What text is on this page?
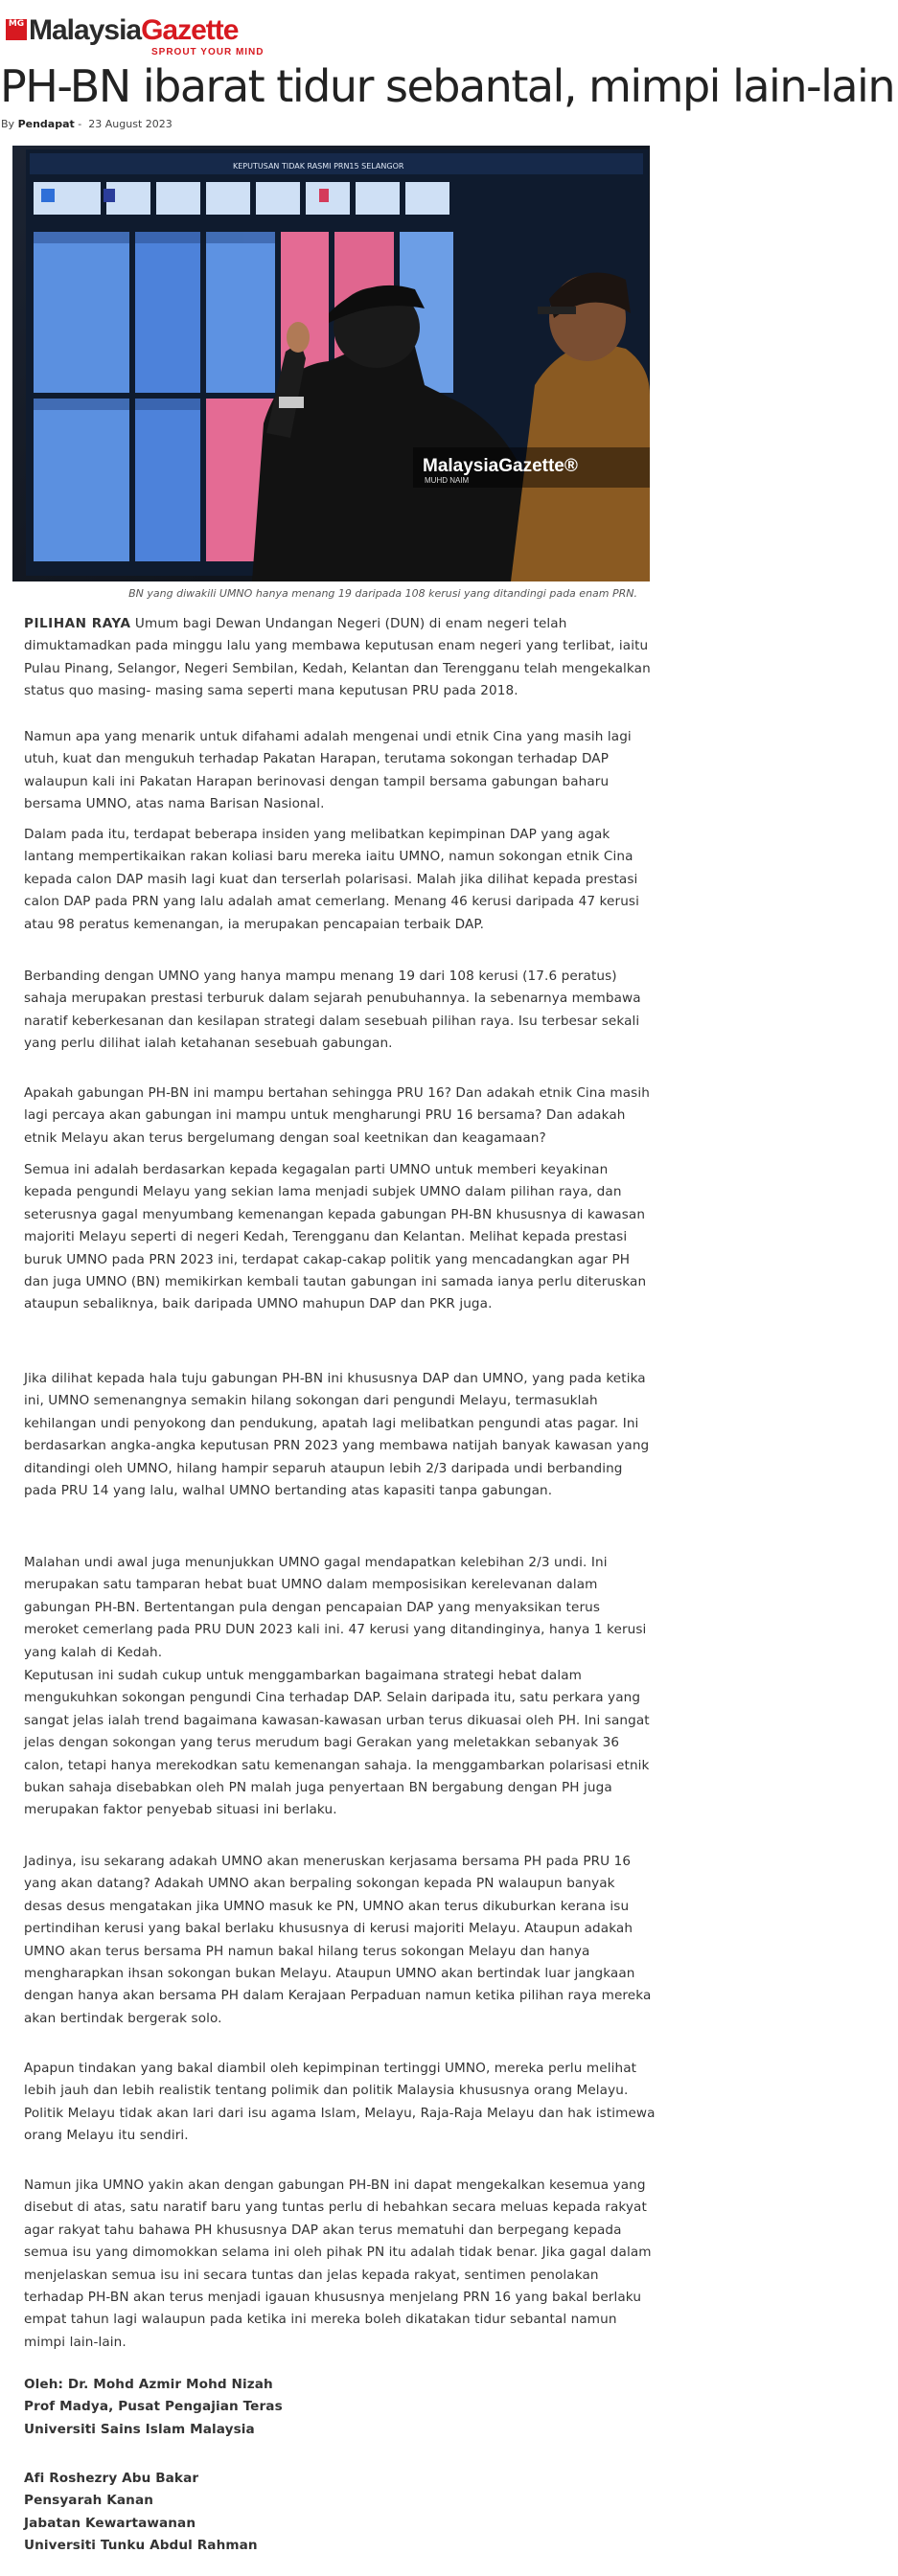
MG MalaysiaGazette
SPROUT YOUR MIND
PH-BN ibarat tidur sebantal, mimpi lain-lain
By Pendapat - 23 August 2023
KEPUTUSAN TIDAK RASMI PRN15 SELANGOR
MalaysiaGazette®
MUHD NAIM
BN yang diwakili UMNO hanya menang 19 daripada 108 kerusi yang ditandingi pada enam PRN.

PILIHAN RAYA Umum bagi Dewan Undangan Negeri (DUN) di enam negeri telah dimuktamadkan pada minggu lalu yang membawa keputusan enam negeri yang terlibat, iaitu Pulau Pinang, Selangor, Negeri Sembilan, Kedah, Kelantan dan Terengganu telah mengekalkan status quo masing- masing sama seperti mana keputusan PRU pada 2018.

Namun apa yang menarik untuk difahami adalah mengenai undi etnik Cina yang masih lagi utuh, kuat dan mengukuh terhadap Pakatan Harapan, terutama sokongan terhadap DAP walaupun kali ini Pakatan Harapan berinovasi dengan tampil bersama gabungan baharu bersama UMNO, atas nama Barisan Nasional.

Dalam pada itu, terdapat beberapa insiden yang melibatkan kepimpinan DAP yang agak lantang mempertikaikan rakan koliasi baru mereka iaitu UMNO, namun sokongan etnik Cina kepada calon DAP masih lagi kuat dan terserlah polarisasi. Malah jika dilihat kepada prestasi calon DAP pada PRN yang lalu adalah amat cemerlang. Menang 46 kerusi daripada 47 kerusi atau 98 peratus kemenangan, ia merupakan pencapaian terbaik DAP.

Berbanding dengan UMNO yang hanya mampu menang 19 dari 108 kerusi (17.6 peratus) sahaja merupakan prestasi terburuk dalam sejarah penubuhannya. Ia sebenarnya membawa naratif keberkesanan dan kesilapan strategi dalam sesebuah pilihan raya. Isu terbesar sekali yang perlu dilihat ialah ketahanan sesebuah gabungan.

Apakah gabungan PH-BN ini mampu bertahan sehingga PRU 16? Dan adakah etnik Cina masih lagi percaya akan gabungan ini mampu untuk mengharungi PRU 16 bersama? Dan adakah etnik Melayu akan terus bergelumang dengan soal keetnikan dan keagamaan?

Semua ini adalah berdasarkan kepada kegagalan parti UMNO untuk memberi keyakinan kepada pengundi Melayu yang sekian lama menjadi subjek UMNO dalam pilihan raya, dan seterusnya gagal menyumbang kemenangan kepada gabungan PH-BN khususnya di kawasan majoriti Melayu seperti di negeri Kedah, Terengganu dan Kelantan. Melihat kepada prestasi buruk UMNO pada PRN 2023 ini, terdapat cakap-cakap politik yang mencadangkan agar PH dan juga UMNO (BN) memikirkan kembali tautan gabungan ini samada ianya perlu diteruskan ataupun sebaliknya, baik daripada UMNO mahupun DAP dan PKR juga.

Jika dilihat kepada hala tuju gabungan PH-BN ini khususnya DAP dan UMNO, yang pada ketika ini, UMNO semenangnya semakin hilang sokongan dari pengundi Melayu, termasuklah kehilangan undi penyokong dan pendukung, apatah lagi melibatkan pengundi atas pagar. Ini berdasarkan angka-angka keputusan PRN 2023 yang membawa natijah banyak kawasan yang ditandingi oleh UMNO, hilang hampir separuh ataupun lebih 2/3 daripada undi berbanding pada PRU 14 yang lalu, walhal UMNO bertanding atas kapasiti tanpa gabungan.

Malahan undi awal juga menunjukkan UMNO gagal mendapatkan kelebihan 2/3 undi. Ini merupakan satu tamparan hebat buat UMNO dalam memposisikan kerelevanan dalam gabungan PH-BN. Bertentangan pula dengan pencapaian DAP yang menyaksikan terus meroket cemerlang pada PRU DUN 2023 kali ini. 47 kerusi yang ditandinginya, hanya 1 kerusi yang kalah di Kedah.

Keputusan ini sudah cukup untuk menggambarkan bagaimana strategi hebat dalam mengukuhkan sokongan pengundi Cina terhadap DAP. Selain daripada itu, satu perkara yang sangat jelas ialah trend bagaimana kawasan-kawasan urban terus dikuasai oleh PH. Ini sangat jelas dengan sokongan yang terus merudum bagi Gerakan yang meletakkan sebanyak 36 calon, tetapi hanya merekodkan satu kemenangan sahaja. Ia menggambarkan polarisasi etnik bukan sahaja disebabkan oleh PN malah juga penyertaan BN bergabung dengan PH juga merupakan faktor penyebab situasi ini berlaku.

Jadinya, isu sekarang adakah UMNO akan meneruskan kerjasama bersama PH pada PRU 16 yang akan datang? Adakah UMNO akan berpaling sokongan kepada PN walaupun banyak desas desus mengatakan jika UMNO masuk ke PN, UMNO akan terus dikuburkan kerana isu pertindihan kerusi yang bakal berlaku khususnya di kerusi majoriti Melayu. Ataupun adakah UMNO akan terus bersama PH namun bakal hilang terus sokongan Melayu dan hanya mengharapkan ihsan sokongan bukan Melayu. Ataupun UMNO akan bertindak luar jangkaan dengan hanya akan bersama PH dalam Kerajaan Perpaduan namun ketika pilihan raya mereka akan bertindak bergerak solo.

Apapun tindakan yang bakal diambil oleh kepimpinan tertinggi UMNO, mereka perlu melihat lebih jauh dan lebih realistik tentang polimik dan politik Malaysia khususnya orang Melayu. Politik Melayu tidak akan lari dari isu agama Islam, Melayu, Raja-Raja Melayu dan hak istimewa orang Melayu itu sendiri.

Namun jika UMNO yakin akan dengan gabungan PH-BN ini dapat mengekalkan kesemua yang disebut di atas, satu naratif baru yang tuntas perlu di hebahkan secara meluas kepada rakyat agar rakyat tahu bahawa PH khususnya DAP akan terus mematuhi dan berpegang kepada semua isu yang dimomokkan selama ini oleh pihak PN itu adalah tidak benar. Jika gagal dalam menjelaskan semua isu ini secara tuntas dan jelas kepada rakyat, sentimen penolakan terhadap PH-BN akan terus menjadi igauan khususnya menjelang PRN 16 yang bakal berlaku empat tahun lagi walaupun pada ketika ini mereka boleh dikatakan tidur sebantal namun mimpi lain-lain.

Oleh: Dr. Mohd Azmir Mohd Nizah
Prof Madya, Pusat Pengajian Teras
Universiti Sains Islam Malaysia

Afi Roshezry Abu Bakar
Pensyarah Kanan
Jabatan Kewartawanan
Universiti Tunku Abdul Rahman
